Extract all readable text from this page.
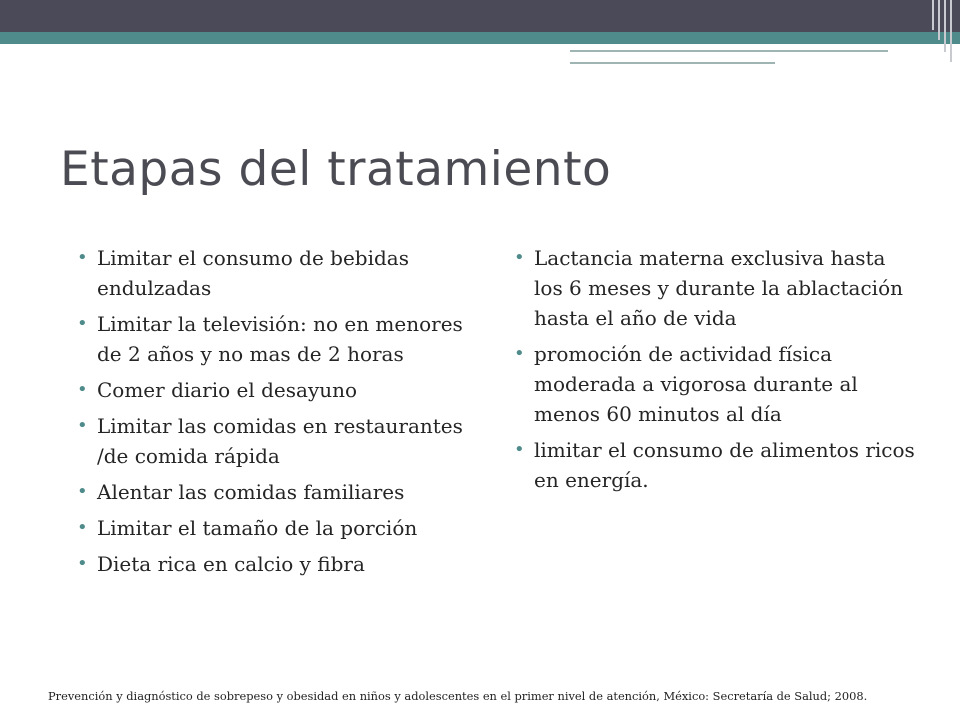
Etapas del tratamiento
• Limitar el consumo de bebidas endulzadas
• Limitar la televisión: no en menores de 2 años y no mas de 2 horas
• Comer diario el desayuno
• Limitar las comidas en restaurantes /de comida rápida
• Alentar las comidas familiares
• Limitar el tamaño de la porción
• Dieta rica en calcio y fibra
• Lactancia materna exclusiva hasta los 6 meses y durante la ablactación hasta el año de vida
• promoción de actividad física moderada a vigorosa durante al menos 60 minutos al día
• limitar el consumo de alimentos ricos en energía.
Prevención y diagnóstico de sobrepeso y obesidad en niños y adolescentes en el primer nivel de atención, México: Secretaría de Salud; 2008.
